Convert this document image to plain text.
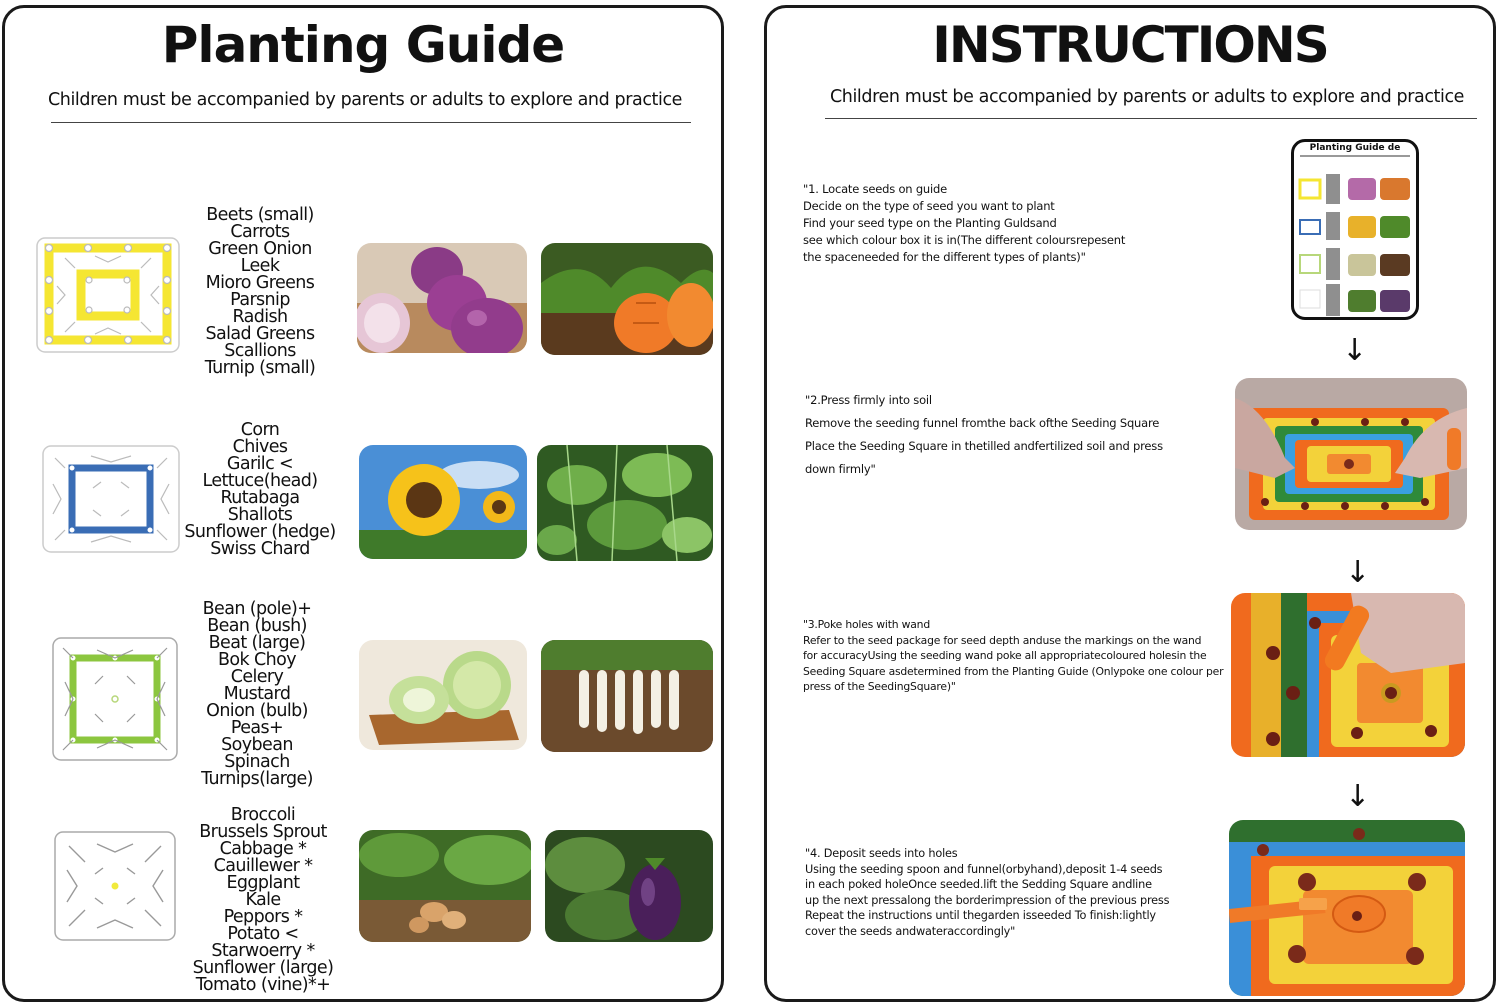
Planting Guide
Children must be accompanied by parents or adults to explore and practice
Beets (small)
Carrots
Green Onion
Leek
Mioro Greens
Parsnip
Radish
Salad Greens
Scallions
Turnip (small)
Corn
Chives
Garilc <
Lettuce(head)
Rutabaga
Shallots
Sunflower (hedge)
Swiss Chard
Bean (pole)+
Bean (bush)
Beat (large)
Bok Choy
Celery
Mustard
Onion (bulb)
Peas+
Soybean
Spinach
Turnips(large)
Broccoli
Brussels Sprout
Cabbage *
Cauillewer *
Eggplant
Kale
Peppors *
Potato <
Starwoerry *
Sunflower (large)
Tomato (vine)*+
INSTRUCTIONS
Children must be accompanied by parents or adults to explore and practice
"1. Locate seeds on guide
Decide on the type of seed you want to plant
Find your seed type on the Planting Guldsand
see which colour box it is in(The different coloursrepesent
the spaceneeded for the different types of plants)"
Planting Guide de
↓
"2.Press firmly into soil
Remove the seeding funnel fromthe back ofthe Seeding Square
Place the Seeding Square in thetilled andfertilized soil and press
down firmly"
↓
"3.Poke holes with wand
Refer to the seed package for seed depth anduse the markings on the wand
for accuracyUsing the seeding wand poke all appropriatecoloured holesin the
Seeding Square asdetermined from the Planting Guide (Onlypoke one colour per
press of the SeedingSquare)"
↓
"4. Deposit seeds into holes
Using the seeding spoon and funnel(orbyhand),deposit 1-4 seeds
in each poked holeOnce seeded.lift the Sedding Square andline
up the next pressalong the borderimpression of the previous press
Repeat the instructions until thegarden isseeded To finish:lightly
cover the seeds andwateraccordingly"
